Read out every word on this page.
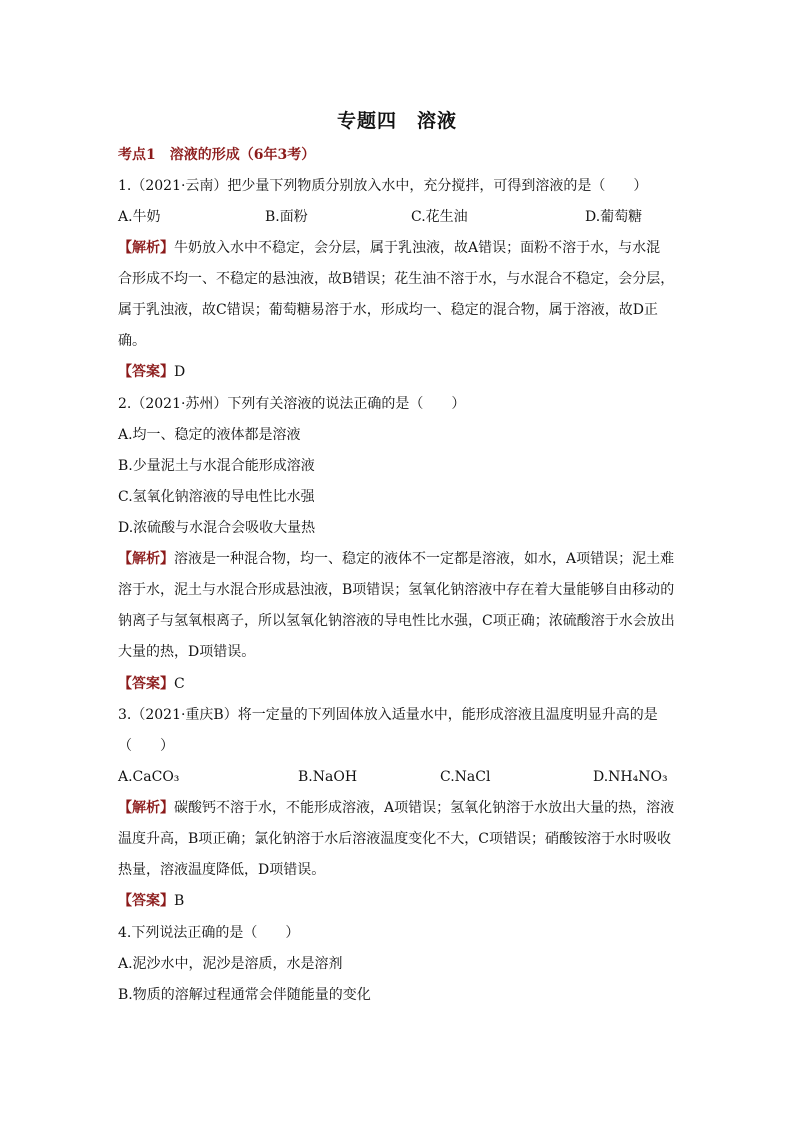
专题四　溶液
考点1　溶液的形成（6年3考）
1.（2021·云南）把少量下列物质分别放入水中，充分搅拌，可得到溶液的是（　　）
A.牛奶	B.面粉	C.花生油	D.葡萄糖
【解析】牛奶放入水中不稳定，会分层，属于乳浊液，故A错误；面粉不溶于水，与水混
合形成不均一、不稳定的悬浊液，故B错误；花生油不溶于水，与水混合不稳定，会分层，
属于乳浊液，故C错误；葡萄糖易溶于水，形成均一、稳定的混合物，属于溶液，故D正
确。
【答案】D
2.（2021·苏州）下列有关溶液的说法正确的是（　　）
A.均一、稳定的液体都是溶液
B.少量泥土与水混合能形成溶液
C.氢氧化钠溶液的导电性比水强
D.浓硫酸与水混合会吸收大量热
【解析】溶液是一种混合物，均一、稳定的液体不一定都是溶液，如水，A项错误；泥土难
溶于水，泥土与水混合形成悬浊液，B项错误；氢氧化钠溶液中存在着大量能够自由移动的
钠离子与氢氧根离子，所以氢氧化钠溶液的导电性比水强，C项正确；浓硫酸溶于水会放出
大量的热，D项错误。
【答案】C
3.（2021·重庆B）将一定量的下列固体放入适量水中，能形成溶液且温度明显升高的是
（　　）
A.CaCO₃	B.NaOH	C.NaCl	D.NH₄NO₃
【解析】碳酸钙不溶于水，不能形成溶液，A项错误；氢氧化钠溶于水放出大量的热，溶液
温度升高，B项正确；氯化钠溶于水后溶液温度变化不大，C项错误；硝酸铵溶于水时吸收
热量，溶液温度降低，D项错误。
【答案】B
4.下列说法正确的是（　　）
A.泥沙水中，泥沙是溶质，水是溶剂
B.物质的溶解过程通常会伴随能量的变化
